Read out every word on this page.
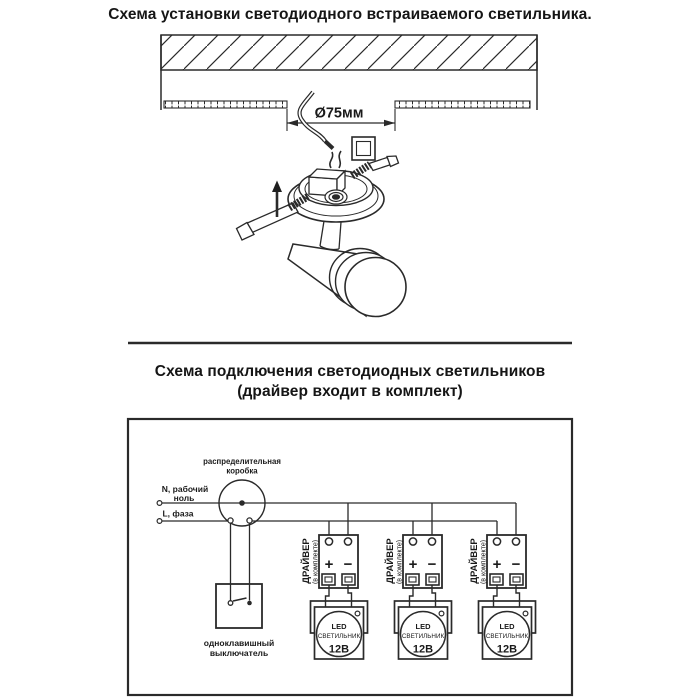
Схема установки светодиодного встраиваемого светильника.
Схема подключения светодиодных светильников
(драйвер входит в комплект)
Ø75мм
распределительная
коробка
N, рабочий
ноль
L, фаза
одноклавишный
выключатель
+ −
ДРАЙВЕР (в комплекте)
LED
СВЕТИЛЬНИК
12В
+ −
ДРАЙВЕР (в комплекте)
LED
СВЕТИЛЬНИК
12В
+ −
ДРАЙВЕР (в комплекте)
LED
СВЕТИЛЬНИК
12В
